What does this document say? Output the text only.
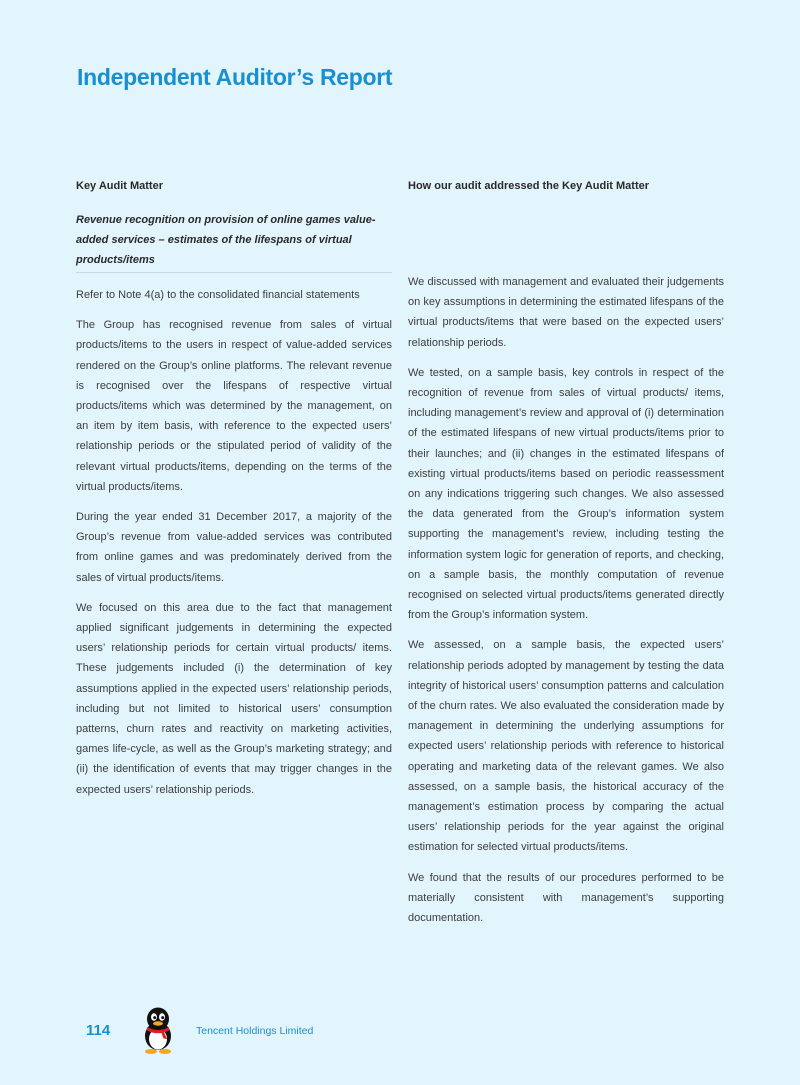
Independent Auditor’s Report
Key Audit Matter
Revenue recognition on provision of online games value-added services – estimates of the lifespans of virtual products/items

Refer to Note 4(a) to the consolidated financial statements

The Group has recognised revenue from sales of virtual products/items to the users in respect of value-added services rendered on the Group’s online platforms. The relevant revenue is recognised over the lifespans of respective virtual products/items which was determined by the management, on an item by item basis, with reference to the expected users’ relationship periods or the stipulated period of validity of the relevant virtual products/items, depending on the terms of the virtual products/items.

During the year ended 31 December 2017, a majority of the Group’s revenue from value-added services was contributed from online games and was predominately derived from the sales of virtual products/items.

We focused on this area due to the fact that management applied significant judgements in determining the expected users’ relationship periods for certain virtual products/ items. These judgements included (i) the determination of key assumptions applied in the expected users’ relationship periods, including but not limited to historical users’ consumption patterns, churn rates and reactivity on marketing activities, games life-cycle, as well as the Group’s marketing strategy; and (ii) the identification of events that may trigger changes in the expected users’ relationship periods.

How our audit addressed the Key Audit Matter

We discussed with management and evaluated their judgements on key assumptions in determining the estimated lifespans of the virtual products/items that were based on the expected users’ relationship periods.

We tested, on a sample basis, key controls in respect of the recognition of revenue from sales of virtual products/ items, including management’s review and approval of (i) determination of the estimated lifespans of new virtual products/items prior to their launches; and (ii) changes in the estimated lifespans of existing virtual products/items based on periodic reassessment on any indications triggering such changes. We also assessed the data generated from the Group’s information system supporting the management’s review, including testing the information system logic for generation of reports, and checking, on a sample basis, the monthly computation of revenue recognised on selected virtual products/items generated directly from the Group’s information system.

We assessed, on a sample basis, the expected users’ relationship periods adopted by management by testing the data integrity of historical users’ consumption patterns and calculation of the churn rates. We also evaluated the consideration made by management in determining the underlying assumptions for expected users’ relationship periods with reference to historical operating and marketing data of the relevant games. We also assessed, on a sample basis, the historical accuracy of the management’s estimation process by comparing the actual users’ relationship periods for the year against the original estimation for selected virtual products/items.

We found that the results of our procedures performed to be materially consistent with management’s supporting documentation.

114	Tencent Holdings Limited
